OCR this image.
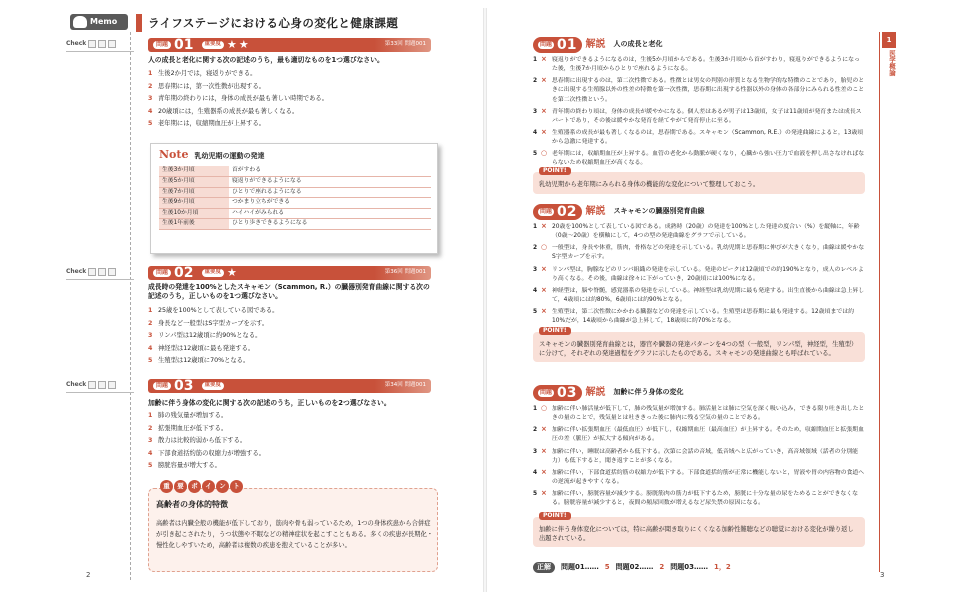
Memo	ライフステージにおける心身の変化と健康課題
Check
Check
Check
問題 01	重要度 ★★	第33回 問題001
人の成長と老化に関する次の記述のうち，最も適切なものを1つ選びなさい。
1 生後2か月では，寝返りができる。
2 思春期には，第一次性徴が出現する。
3 青年期の終わりには，身体の成長が最も著しい時期である。
4 20歳頃には，生殖器系の成長が最も著しくなる。
5 老年期には，収縮期血圧が上昇する。
Note 乳幼児期の運動の発達
生後3か月頃	首がすわる
生後5か月頃	寝返りができるようになる
生後7か月頃	ひとりで座れるようになる
生後9か月頃	つかまり立ちができる
生後10か月頃	ハイハイがみられる
生後1年前後	ひとり歩きできるようになる
問題 02	重要度 ★	第36回 問題001
成長時の発達を100%としたスキャモン（Scammon, R.）の臓器別発育曲線に関する次の記述のうち，正しいものを1つ選びなさい。
1 25歳を100%として表している図である。
2 身長など一般型はS字型カーブを示す。
3 リンパ型は12歳頃に約90%となる。
4 神経型は12歳頃に最も発達する。
5 生殖型は12歳頃に70%となる。
問題 03	重要度	第34回 問題001
加齢に伴う身体の変化に関する次の記述のうち，正しいものを2つ選びなさい。
1 肺の残気量が増加する。
2 拡張期血圧が低下する。
3 散力は比較的弱から低下する。
4 下部食道括約筋の収縮力が増強する。
5 膀胱容量が増大する。
重	要	ポ	イ	ン	ト
高齢者の身体的特徴
高齢者は内臓全般の機能が低下しており，筋肉や骨も弱っているため，1つの身体疾患から合併症が引き起こされたり，うつ状態や不眠などの精神症状を起こすこともある。多くの疾患が長期化・慢性化しやすいため，高齢者は複数の疾患を抱えていることが多い。
2
1
医学概論
問題 01 解説 人の成長と老化
1 × 寝返りができるようになるのは，生後5か月頃からである。生後3か月頃から首がすわり，寝返りができるようになった後，生後7か月頃からひとりで座れるようになる。
2 × 思春期に出現するのは，第二次性徴である。性徴とは男女の判別の形質となる生物学的な特徴のことであり，胎児のときに出現する生殖腺以外の性差の特徴を第一次性徴，思春期に出現する性器以外の身体の各部分にみられる性差のことを第二次性徴という。
3 × 青年期の終わり頃は，身体の成長が緩やかになる。個人差はあるが男子は13歳頃，女子は11歳頃が発育または成長スパートであり，その後は緩やかな発育を経てやがて発育停止に至る。
4 × 生殖器系の成長が最も著しくなるのは，思春期である。スキャモン（Scammon, R.E.）の発達曲線によると，13歳頃から急激に発達する。
5 ○ 老年期には，収縮期血圧が上昇する。血管の老化から動脈が硬くなり，心臓から強い圧力で血液を押し出さなければならないため収縮期血圧が高くなる。
POINT!
乳幼児期から老年期にみられる身体の機能的な変化について整理しておこう。
問題 02 解説 スキャモンの臓器別発育曲線
1 × 20歳を100%として表している図である。成熟時（20歳）の発達を100%とした発達の度合い（%）を縦軸に，年齢（0歳～20歳）を横軸にして，4つの型の発達曲線をグラフで示している。
2 ○ 一般型は，身長や体重，筋肉，骨格などの発達を示している。乳幼児期と思春期に伸びが大きくなり，曲線は緩やかなS字型カーブを示す。
3 × リンパ型は，胸腺などのリンパ組織の発達を示している。発達のピークは12歳頃での約190%となり，成人のレベルより高くなる。その後，曲線は徐々に下がっていき，20歳頃には100%になる。
4 × 神経型は，脳や脊髄，感覚器系の発達を示している。神経型は乳幼児期に最も発達する。出生直後から曲線は急上昇して，4歳頃には約80%，6歳頃には約90%となる。
5 × 生殖型は，第二次性徴にかかわる臓器などの発達を示している。生殖型は思春期に最も発達する。12歳頃までは約10%だが，14歳頃から曲線が急上昇して，18歳頃に約70%となる。
POINT!
スキャモンの臓器別発育曲線とは，器官や臓器の発達パターンを4つの型（一般型，リンパ型，神経型，生殖型）に分けて，それぞれの発達過程をグラフに示したものである。スキャモンの発達曲線とも呼ばれている。
問題 03 解説 加齢に伴う身体の変化
1 ○ 加齢に伴い肺活量が低下して，肺の残気量が増加する。肺活量とは肺に空気を深く吸い込み，できる限り吐き出したときの量のことで，残気量とは吐ききった後に肺内に残る空気の量のことである。
2 × 加齢に伴い拡張期血圧（最低血圧）が低下し，収縮期血圧（最高血圧）が上昇する。そのため，収縮期血圧と拡張期血圧の差（脈圧）が拡大する傾向がある。
3 × 加齢に伴い，睡眠は高齢者から低下する。次第に会話の音域，低音域へと広がっていき，高音域領域（話者の分別能力）も低下すると，聞き返すことが多くなる。
4 × 加齢に伴い，下部食道括約筋の収縮力が低下する。下部食道括約筋が正常に機能しないと，胃液や胃の内容物の食道への逆流が起きやすくなる。
5 × 加齢に伴い，膀胱容量が減少する。膀胱筋肉の筋力が低下するため，膀胱に十分な量の尿をためることができなくなる。膀胱容量が減少すると，夜間の頻尿回数が増えるなど尿失禁の原因になる。
POINT!
加齢に伴う身体変化については，特に高齢が聞き取りにくくなる加齢性難聴などの聴覚における変化が繰り返し出題されている。
正解	問題01…… 5 問題02…… 2 問題03…… 1，2
3
